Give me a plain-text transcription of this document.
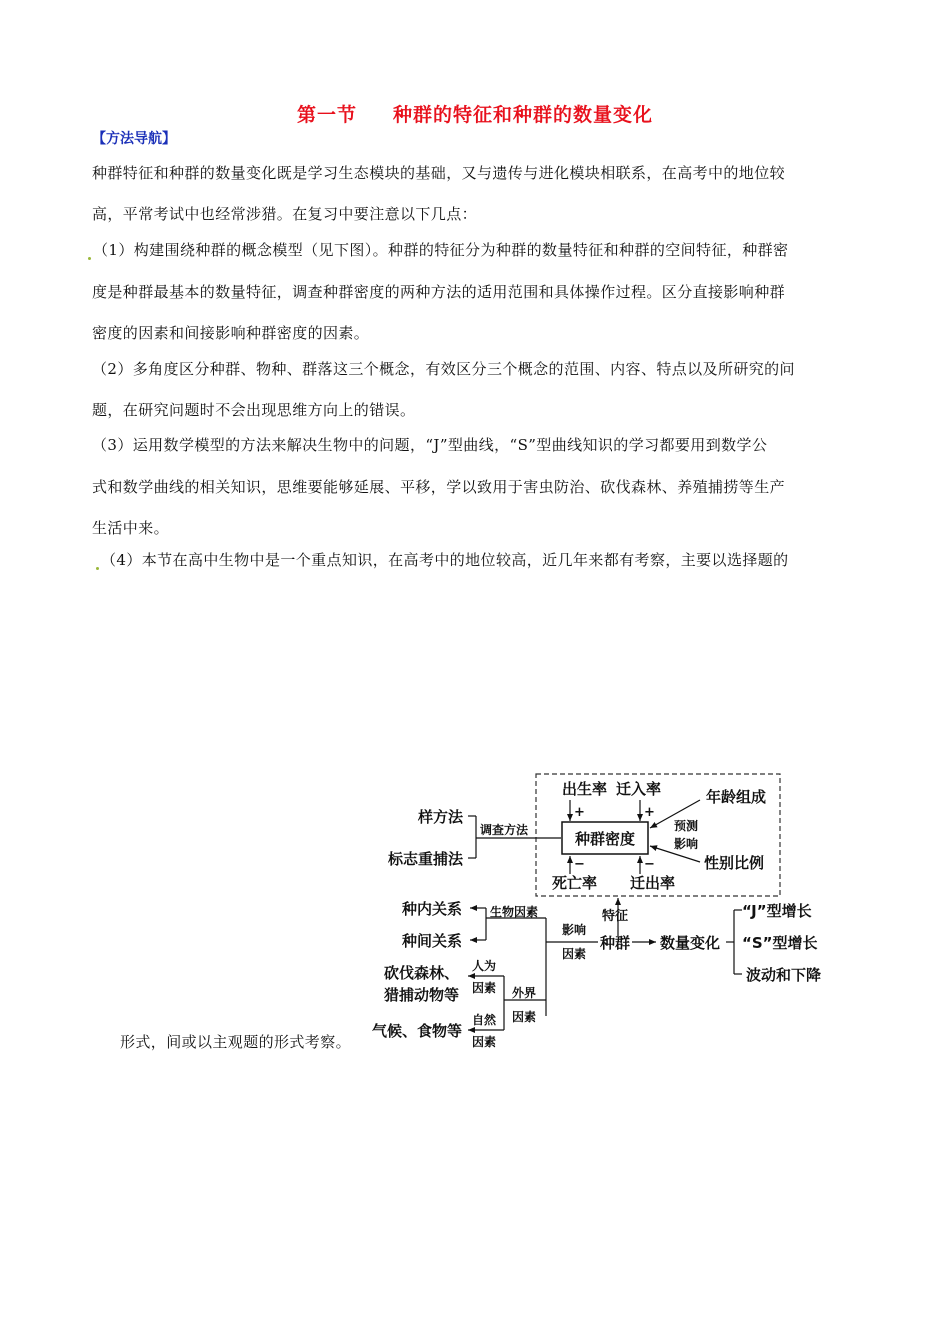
第一节 种群的特征和种群的数量变化
【方法导航】
种群特征和种群的数量变化既是学习生态模块的基础，又与遗传与进化模块相联系，在高考中的地位较
高，平常考试中也经常涉猎。在复习中要注意以下几点：
（1）构建围绕种群的概念模型（见下图）。种群的特征分为种群的数量特征和种群的空间特征，种群密
度是种群最基本的数量特征，调查种群密度的两种方法的适用范围和具体操作过程。区分直接影响种群
密度的因素和间接影响种群密度的因素。
（2）多角度区分种群、物种、群落这三个概念，有效区分三个概念的范围、内容、特点以及所研究的问
题，在研究问题时不会出现思维方向上的错误。
（3）运用数学模型的方法来解决生物中的问题，“J”型曲线，“S”型曲线知识的学习都要用到数学公
式和数学曲线的相关知识，思维要能够延展、平移，学以致用于害虫防治、砍伐森林、养殖捕捞等生产
生活中来。
（4）本节在高中生物中是一个重点知识，在高考中的地位较高，近几年来都有考察，主要以选择题的
形式，间或以主观题的形式考察。
种群密度
出生率 迁入率
+	+
死亡率 迁出率
−	−
年龄组成
性别比例
预测
影响
样方法
标志重捕法
调查方法
特征
种群 数量变化
“J”型增长
“S”型增长
波动和下降
影响
因素
生物因素
种内关系
种间关系
外界
因素
人为
因素
自然
因素
砍伐森林、
猎捕动物等
气候、食物等
